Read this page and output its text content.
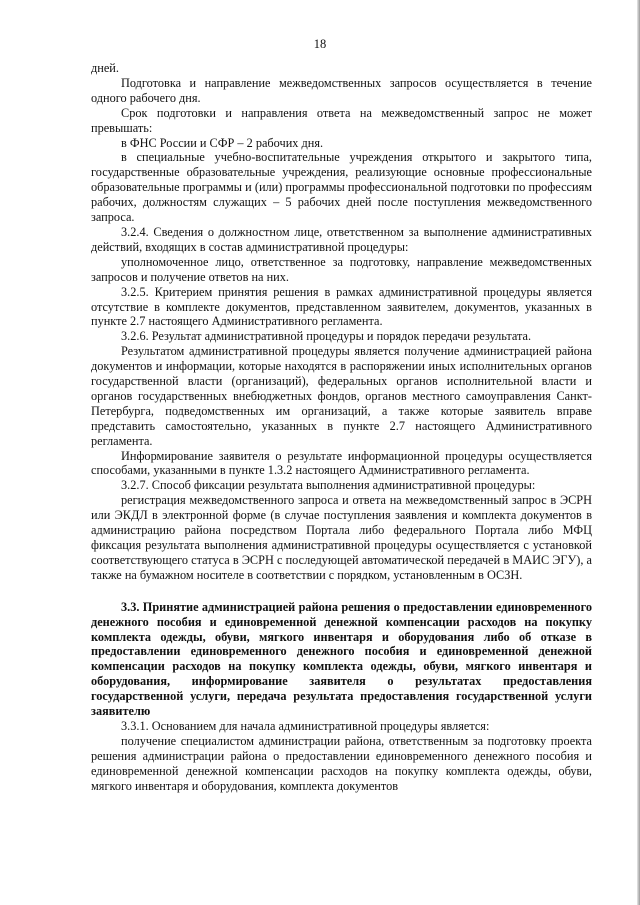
18

дней.

Подготовка и направление межведомственных запросов осуществляется в течение одного рабочего дня.

Срок подготовки и направления ответа на межведомственный запрос не может превышать:

в ФНС России и СФР – 2 рабочих дня.

в специальные учебно-воспитательные учреждения открытого и закрытого типа, государственные образовательные учреждения, реализующие основные профессиональные образовательные программы и (или) программы профессиональной подготовки по профессиям рабочих, должностям служащих – 5 рабочих дней после поступления межведомственного запроса.

3.2.4. Сведения о должностном лице, ответственном за выполнение административных действий, входящих в состав административной процедуры:

уполномоченное лицо, ответственное за подготовку, направление межведомственных запросов и получение ответов на них.

3.2.5. Критерием принятия решения в рамках административной процедуры является отсутствие в комплекте документов, представленном заявителем, документов, указанных в пункте 2.7 настоящего Административного регламента.

3.2.6. Результат административной процедуры и порядок передачи результата.

Результатом административной процедуры является получение администрацией района документов и информации, которые находятся в распоряжении иных исполнительных органов государственной власти (организаций), федеральных органов исполнительной власти и органов государственных внебюджетных фондов, органов местного самоуправления Санкт-Петербурга, подведомственных им организаций, а также которые заявитель вправе представить самостоятельно, указанных в пункте 2.7 настоящего Административного регламента.

Информирование заявителя о результате информационной процедуры осуществляется способами, указанными в пункте 1.3.2 настоящего Административного регламента.

3.2.7. Способ фиксации результата выполнения административной процедуры:

регистрация межведомственного запроса и ответа на межведомственный запрос в ЭСРН или ЭКДЛ в электронной форме (в случае поступления заявления и комплекта документов в администрацию района посредством Портала либо федерального Портала либо МФЦ фиксация результата выполнения административной процедуры осуществляется с установкой соответствующего статуса в ЭСРН с последующей автоматической передачей в МАИС ЭГУ), а также на бумажном носителе в соответствии с порядком, установленным в ОСЗН.

3.3. Принятие администрацией района решения о предоставлении единовременного денежного пособия и единовременной денежной компенсации расходов на покупку комплекта одежды, обуви, мягкого инвентаря и оборудования либо об отказе в предоставлении единовременного денежного пособия и единовременной денежной компенсации расходов на покупку комплекта одежды, обуви, мягкого инвентаря и оборудования, информирование заявителя о результатах предоставления государственной услуги, передача результата предоставления государственной услуги заявителю

3.3.1. Основанием для начала административной процедуры является:

получение специалистом администрации района, ответственным за подготовку проекта решения администрации района о предоставлении единовременного денежного пособия и единовременной денежной компенсации расходов на покупку комплекта одежды, обуви, мягкого инвентаря и оборудования, комплекта документов
